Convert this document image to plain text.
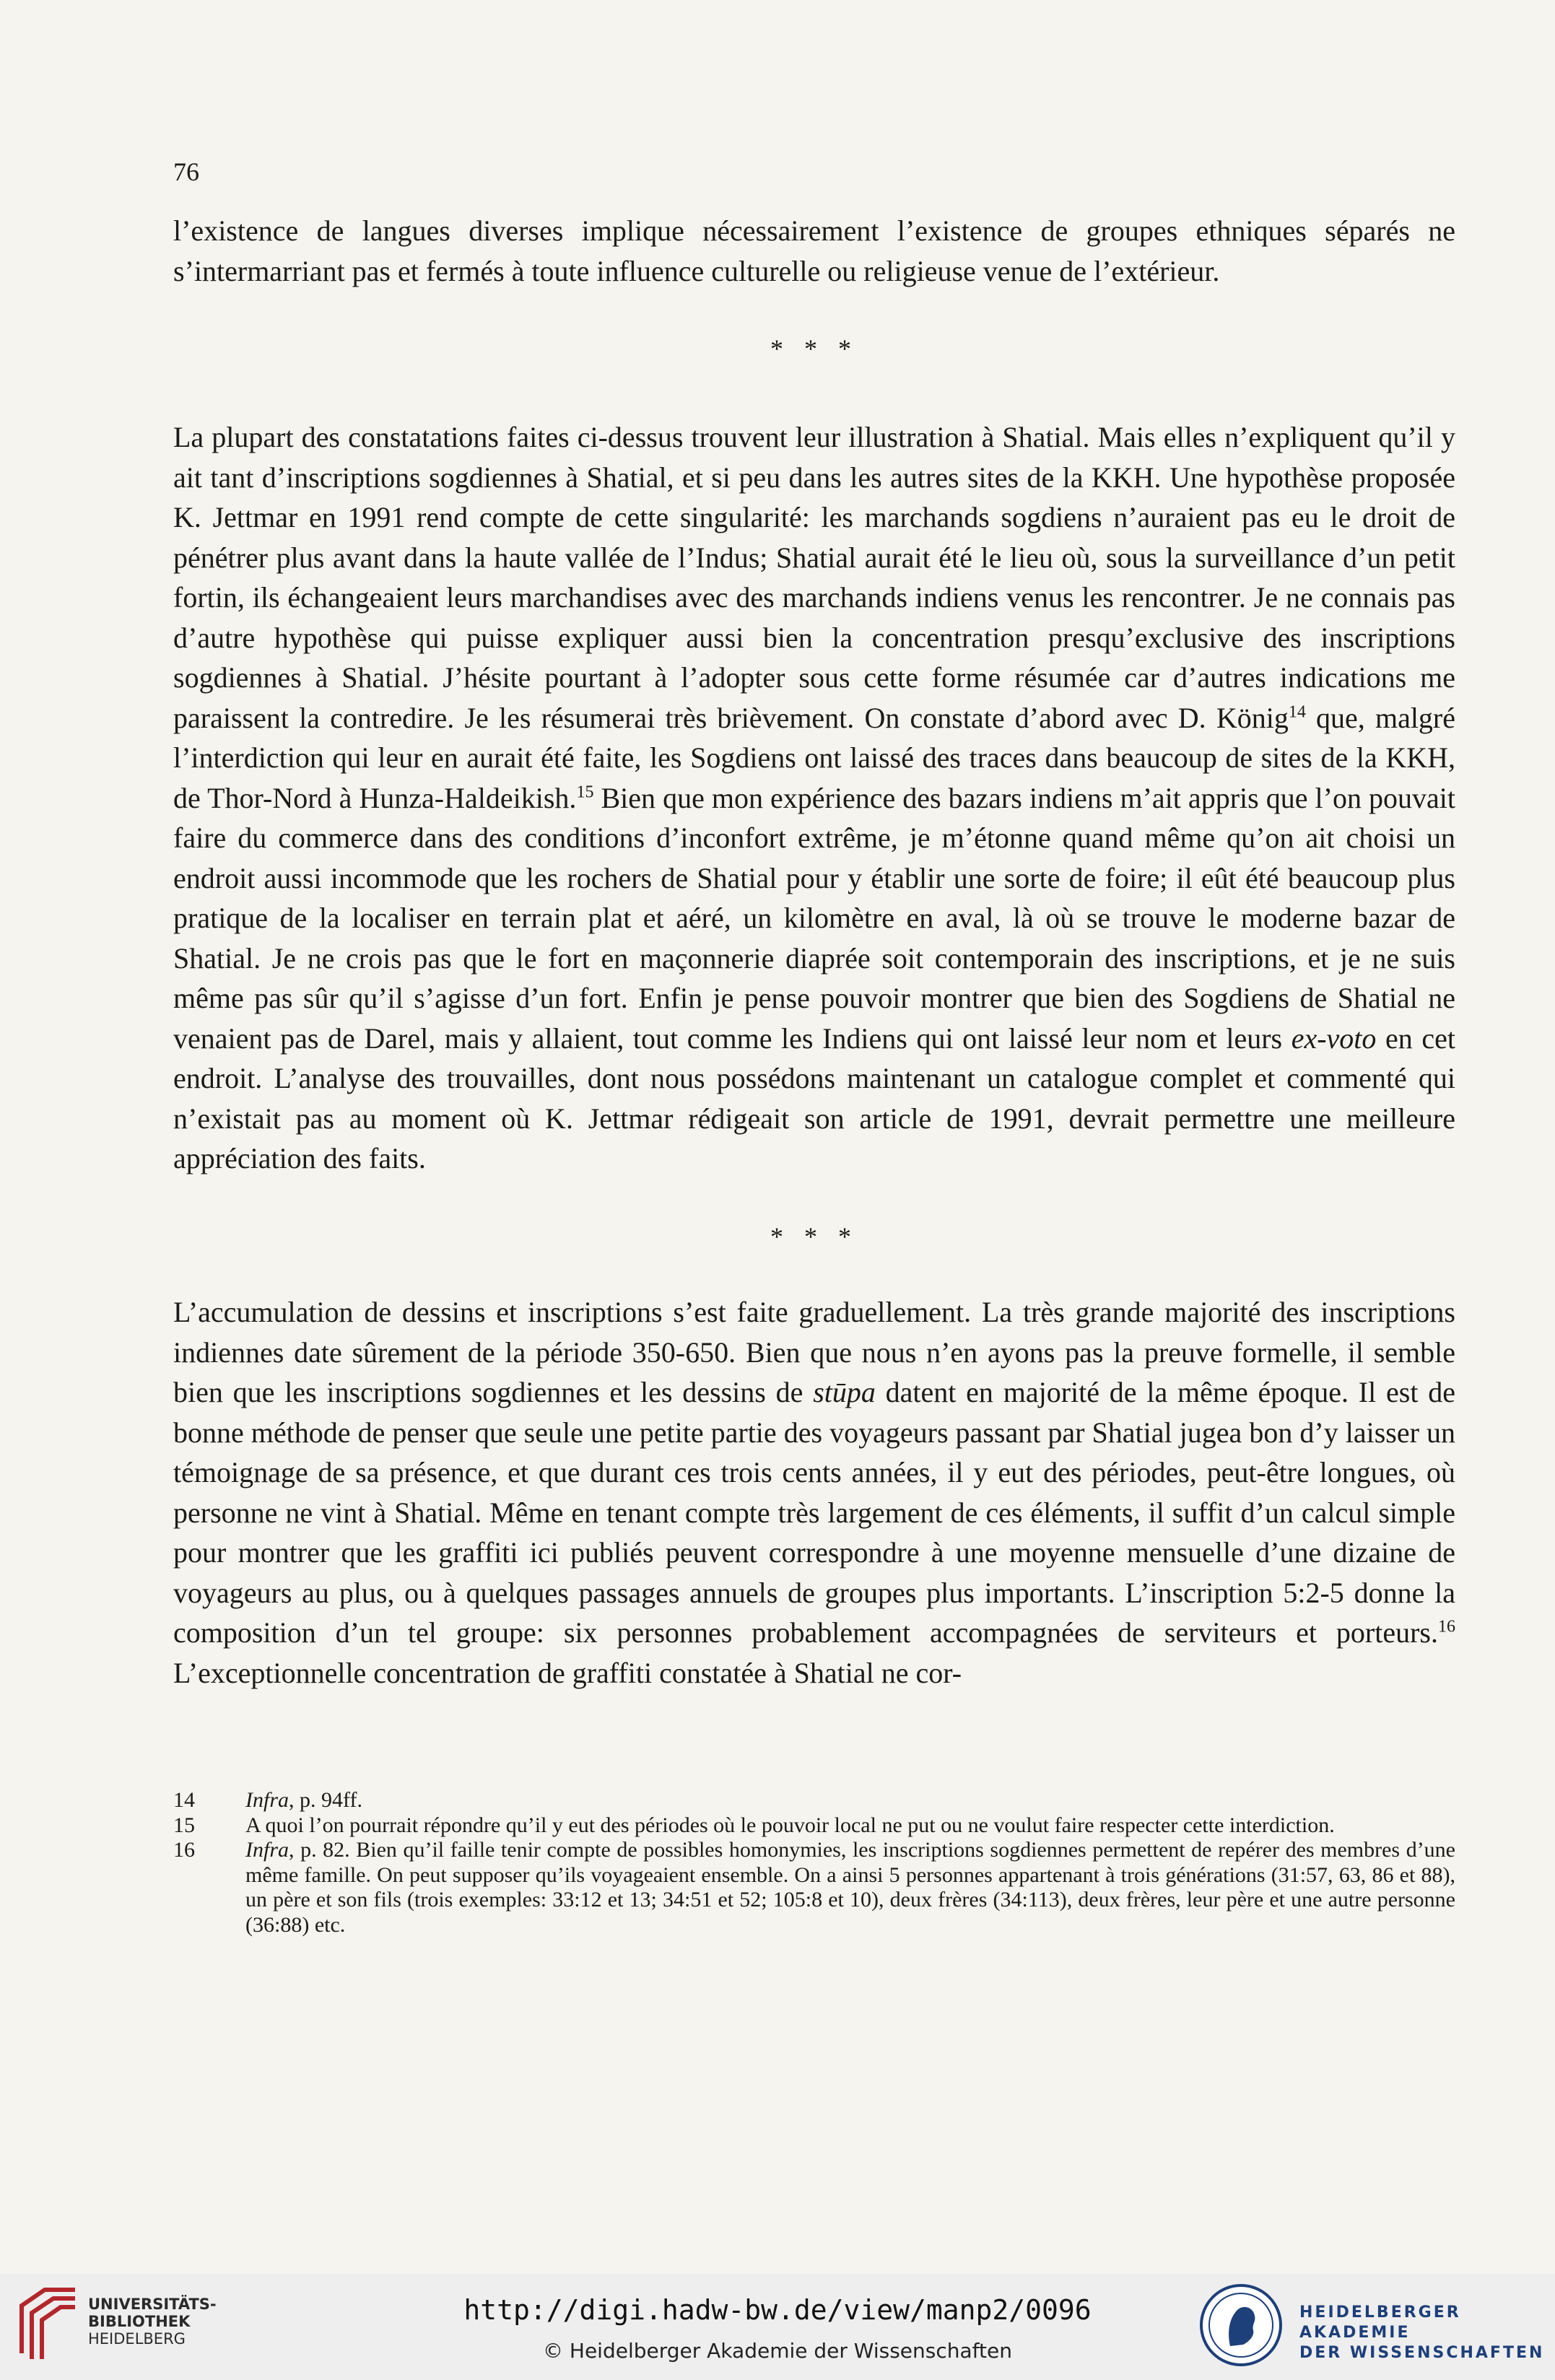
76

l’existence de langues diverses implique nécessairement l’existence de groupes ethniques séparés ne s’intermarriant pas et fermés à toute influence culturelle ou religieuse venue de l’extérieur.

* * *

La plupart des constatations faites ci-dessus trouvent leur illustration à Shatial. Mais elles n’expliquent qu’il y ait tant d’inscriptions sogdiennes à Shatial, et si peu dans les autres sites de la KKH. Une hypothèse proposée K. Jettmar en 1991 rend compte de cette singularité: les marchands sogdiens n’auraient pas eu le droit de pénétrer plus avant dans la haute vallée de l’Indus; Shatial aurait été le lieu où, sous la surveillance d’un petit fortin, ils échangeaient leurs marchandises avec des marchands indiens venus les rencontrer. Je ne connais pas d’autre hypothèse qui puisse expliquer aussi bien la concentration presqu’exclusive des inscriptions sogdiennes à Shatial. J’hésite pourtant à l’adopter sous cette forme résumée car d’autres indications me paraissent la contredire. Je les résumerai très brièvement. On constate d’abord avec D. König$^{14}$ que, malgré l’interdiction qui leur en aurait été faite, les Sogdiens ont laissé des traces dans beaucoup de sites de la KKH, de Thor-Nord à Hunza-Haldeikish.$^{15}$ Bien que mon expérience des bazars indiens m’ait appris que l’on pouvait faire du commerce dans des conditions d’inconfort extrême, je m’étonne quand même qu’on ait choisi un endroit aussi incommode que les rochers de Shatial pour y établir une sorte de foire; il eût été beaucoup plus pratique de la localiser en terrain plat et aéré, un kilomètre en aval, là où se trouve le moderne bazar de Shatial. Je ne crois pas que le fort en maçonnerie diaprée soit contemporain des inscriptions, et je ne suis même pas sûr qu’il s’agisse d’un fort. Enfin je pense pouvoir montrer que bien des Sogdiens de Shatial ne venaient pas de Darel, mais y allaient, tout comme les Indiens qui ont laissé leur nom et leurs ex-voto en cet endroit. L’analyse des trouvailles, dont nous possédons maintenant un catalogue complet et commenté qui n’existait pas au moment où K. Jettmar rédigeait son article de 1991, devrait permettre une meilleure appréciation des faits.

* * *

L’accumulation de dessins et inscriptions s’est faite graduellement. La très grande majorité des inscriptions indiennes date sûrement de la période 350-650. Bien que nous n’en ayons pas la preuve formelle, il semble bien que les inscriptions sogdiennes et les dessins de stūpa datent en majorité de la même époque. Il est de bonne méthode de penser que seule une petite partie des voyageurs passant par Shatial jugea bon d’y laisser un témoignage de sa présence, et que durant ces trois cents années, il y eut des périodes, peut-être longues, où personne ne vint à Shatial. Même en tenant compte très largement de ces éléments, il suffit d’un calcul simple pour montrer que les graffiti ici publiés peuvent correspondre à une moyenne mensuelle d’une dizaine de voyageurs au plus, ou à quelques passages annuels de groupes plus importants. L’inscription 5:2-5 donne la composition d’un tel groupe: six personnes probablement accompagnées de serviteurs et porteurs.$^{16}$ L’exceptionnelle concentration de graffiti constatée à Shatial ne cor-

14	Infra, p. 94ff.
15	A quoi l’on pourrait répondre qu’il y eut des périodes où le pouvoir local ne put ou ne voulut faire respecter cette interdiction.
16	Infra, p. 82. Bien qu’il faille tenir compte de possibles homonymies, les inscriptions sogdiennes permettent de repérer des membres d’une même famille. On peut supposer qu’ils voyageaient ensemble. On a ainsi 5 personnes appartenant à trois générations (31:57, 63, 86 et 88), un père et son fils (trois exemples: 33:12 et 13; 34:51 et 52; 105:8 et 10), deux frères (34:113), deux frères, leur père et une autre personne (36:88) etc.
UNIVERSITÄTS-
BIBLIOTHEK
HEIDELBERG
http://digi.hadw-bw.de/view/manp2/0096
© Heidelberger Akademie der Wissenschaften
HEIDELBERGER AKADEMIE
DER WISSENSCHAFTEN
